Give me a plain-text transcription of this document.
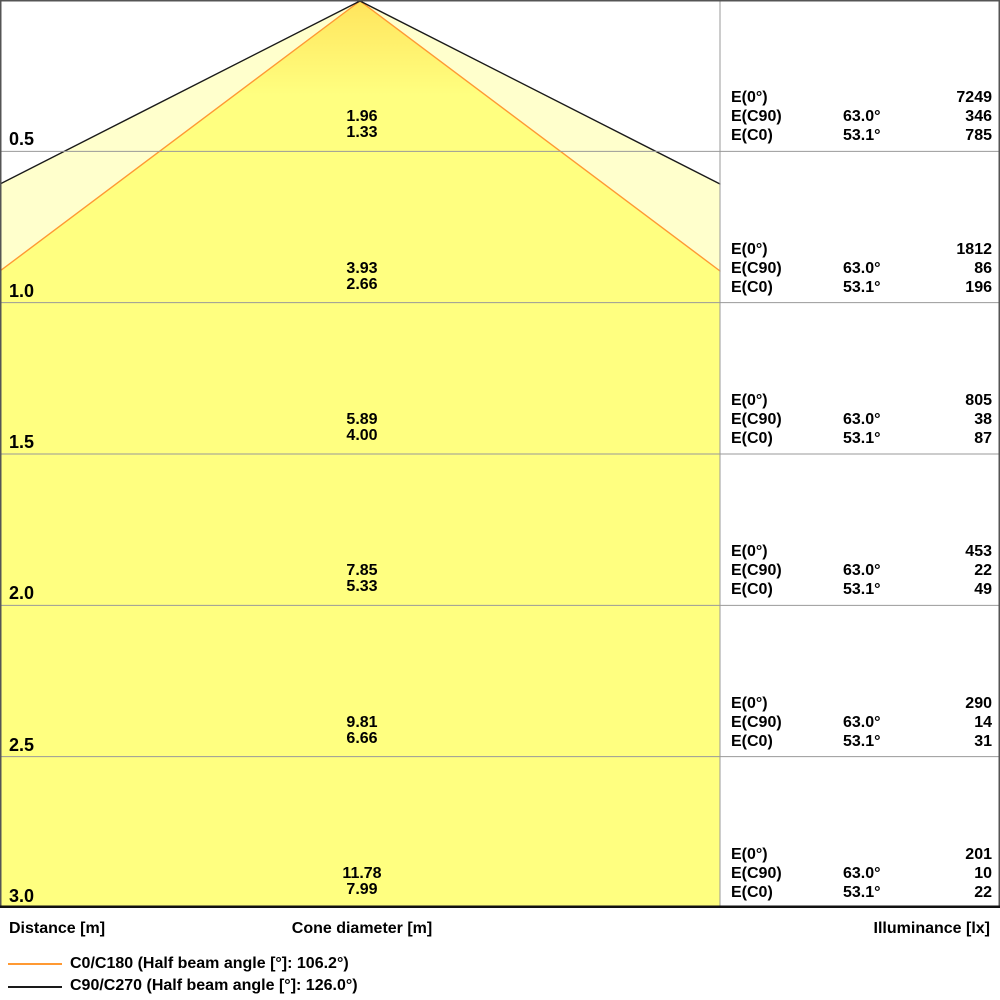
0.5
1.96
1.33
E(0°)	7249
E(C90)	63.0°	346
E(C0)	53.1°	785
1.0
3.93
2.66
E(0°)	1812
E(C90)	63.0°	86
E(C0)	53.1°	196
1.5
5.89
4.00
E(0°)	805
E(C90)	63.0°	38
E(C0)	53.1°	87
2.0
7.85
5.33
E(0°)	453
E(C90)	63.0°	22
E(C0)	53.1°	49
2.5
9.81
6.66
E(0°)	290
E(C90)	63.0°	14
E(C0)	53.1°	31
3.0
11.78
7.99
E(0°)	201
E(C90)	63.0°	10
E(C0)	53.1°	22
Distance [m]	Cone diameter [m]	Illuminance [lx]
C0/C180 (Half beam angle [°]: 106.2°)
C90/C270 (Half beam angle [°]: 126.0°)
